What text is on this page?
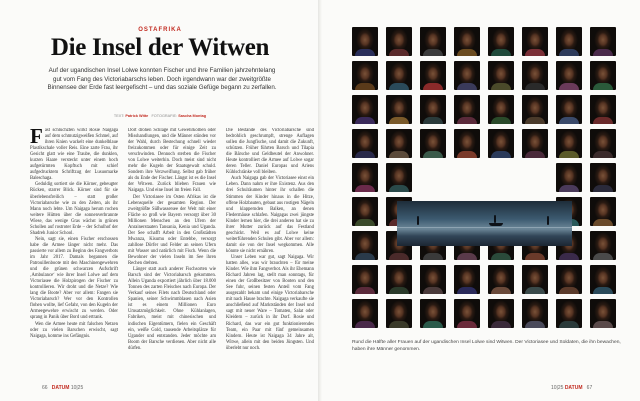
OSTAFRIKA
Die Insel der Witwen
Auf der ugandischen Insel Lolwe konnten Fischer und ihre Familien jahrzehntelang gut vom Fang des Victoriabarschs leben. Doch irgendwann war der zweitgrößte Binnensee der Erde fast leergefischt – und das soziale Gefüge begann zu zerfallen.
TEXT: Patrick Witte FOTOGRAFIE: Sascha Montag

Fast schluchzten wirkt Rosie Naigaga auf dem schmutzigweißen Schmel, auf ihren Knien wackelt eine dunkelblaue Plastikschale voller Reis. Eine zarte Frau, ihr Gesicht glatt wie eine Traube, die dunklen, kurzen Haare versteckt unter einem hoch aufgetürmten Kopftuch mit schief aufgedrucktem Schriftzug der Lusuomarke Baleschaga.

Geduldig sortiert sie die Körner, gebeugter Rücken, starrer Blick. Körner sind für sie überlebensfreilich – statt großer Victoriabarsche wie zu den Zeiten, als ihr Mann noch lebte. Um Naigaga herum rochen weitere Hütten über die sonnenverbrannte Wiese, das wenige Gras wächst in grünen Schollen auf rostroter Erde – der Schulhof der Shadreh Junior School.

Nein, sagt sie, einen Fischer erschossen habe die Armee länger nicht mehr. Das passierte vor allem zu Beginn des Fangverbots im Jahr 2017. Damals begannen die Patrouillenboote mit den Maschinengewehren und die grünen schwarzen Aufschrift ‚Ambulance‘ wie ihrer Insel Lolwe auf dem Victoriasee die Holzpirogen der Fischer zu kontrollieren. Wir droht und die Netze? Wie lang die Boote? Aber vor allem: Fangen sie Victoriabarsch? Wer vor den Kontrollen flohen wollte, lief Gefahr, von den Kugeln der Armeegewehre erwischt zu werden. Oder sprang in Panik über Bord und ertrank.

Wen die Armee heute mit falschen Netzen oder zu vielen Barschen erwischt, sagt Naigaga, komme ins Gefängnis.

Dort drohen Schläge mit Gewehrkolben oder Misshandlungen, und die Männer stünden vor der Wahl, durch Bestechung schnell wieder freizukommen oder für einige Zeit zu verschwinden. Dennoch sterben die Fischer von Lolwe weiterhin. Doch meist sind nicht mehr die Kugeln der Staatsgewalt schuld. Sondern ihre Verzweiflung. Selbst gab früher als du Ende der Fischer. Längst ist es die Insel der Witwen. Zurück blieben Frauen wie Naigaga. Und eine Insel im freien Fall.

Der Victoriasee im Osten Afrikas ist die Lebensquelle der gesamten Region. Der zweitgrößte Süßwassersee der Welt mit einer Fläche so groß wie Bayern versorgt über 30 Millionen Menschen an den Ufern der Anrainerstaaten Tansania, Kenia und Uganda. Der See schafft Arbeit in den Großstädten Mwanza, Kisumu oder Entebbe, versorgt zahllose Dörfer und Felder an seinen Ufern mit Wasser und natürlich mit Fisch. Wenn die Bewohner der vielen Inseln im See ihren Rechen drehten.

Länger statt auch anderer Fischsorten wie Barsch sind der Victoriabarsch gekommen. Allein Uganda exportiert jährlich über 18.000 Tonnen des zarten Fleisches nach Europa. Der Verkauf seines Filets nach Deutschland oder Spanien, seiner Schwimmblasen nach Asien ist es einem Millionen Euro Umsatzmöglichkeit. Ohne Kühlanlagen, Fabriken, meist mit chinesischen und indischen Eigentümern, fielen ein Geschäft ein, weiße Gold, tausende Arbeitsplätze für Ugander und entstanden. Jeder möchte am Boom der Barsche verdienen. Aber nicht alle dürfen.

Die Bestände des Victoriabarsche sind bedrohlich geschrumpft, strenge Auflagen sollen die Jungfische, und damit die Zukunft, schützen. Früher führten Barsch und Tilapia die Bärsche und Geldbeutel der Anwohner. Heute kontrolliert die Armee auf Lolwe sogar deren Teller. Daniel Europas und Ariens Kühlschränke voll bleiben.

Auch Naigaga gab der Victoriasee einst ein Leben. Dann nahm er ihre Existenz. Aus den drei Schulräumen hinter ihr schallen die Stimmen der Kinder hinaus in die Hitze, offene Holzbauten, gebaut aus rostigen Nägeln und klappernden Balken, an denen Fledermäuse schlafen. Naigagas zwei jüngste Kinder lernen hier, die drei anderen hat sie zu ihrer Mutter zurück auf das Festland geschickt. Weil es auf Lolwe keine weiterführenden Schulen gibt. Aber vor allem: damit sie von der Insel wegkommen. Alle könnte sie nicht ernähren.

Unser Leben war gut, sagt Naigaga. Wir hatten alles, was wir brauchten – für meine Kinder. Wie ihm Fangverbot. Als ihr Ehemann Richard Jahren lag, stellt man sonntags, für einen der Großbesitzer von Booten und den See fuhr, seinen festen Anteil vom Fang ausgezahlt bekam und einige Victoriabarsche mit nach Hause brachte. Naigaga verkaufte sie anschließend auf Marktständen der Insel und sagt mit neuer Ware – Tomaten, Salat oder Kleidern – zurück in ihr Dorf. Rosie und Richard, das war ein gut funktionierendes Team, ein Paar mit fünf gemeinsamen Kindern. Heute ist Naigaga 34 Jahre alt, Witwe, allein mit den beiden Jüngsten. Und überlebt nur noch.

66 DATUM 10|25	10|25 DATUM 67
Rund die Hälfte aller Frauen auf der ugandischen Insel Lolwe sind Witwen. Der Victoriasee und Soldaten, die ihn bewachen, haben ihre Männer genommen.
